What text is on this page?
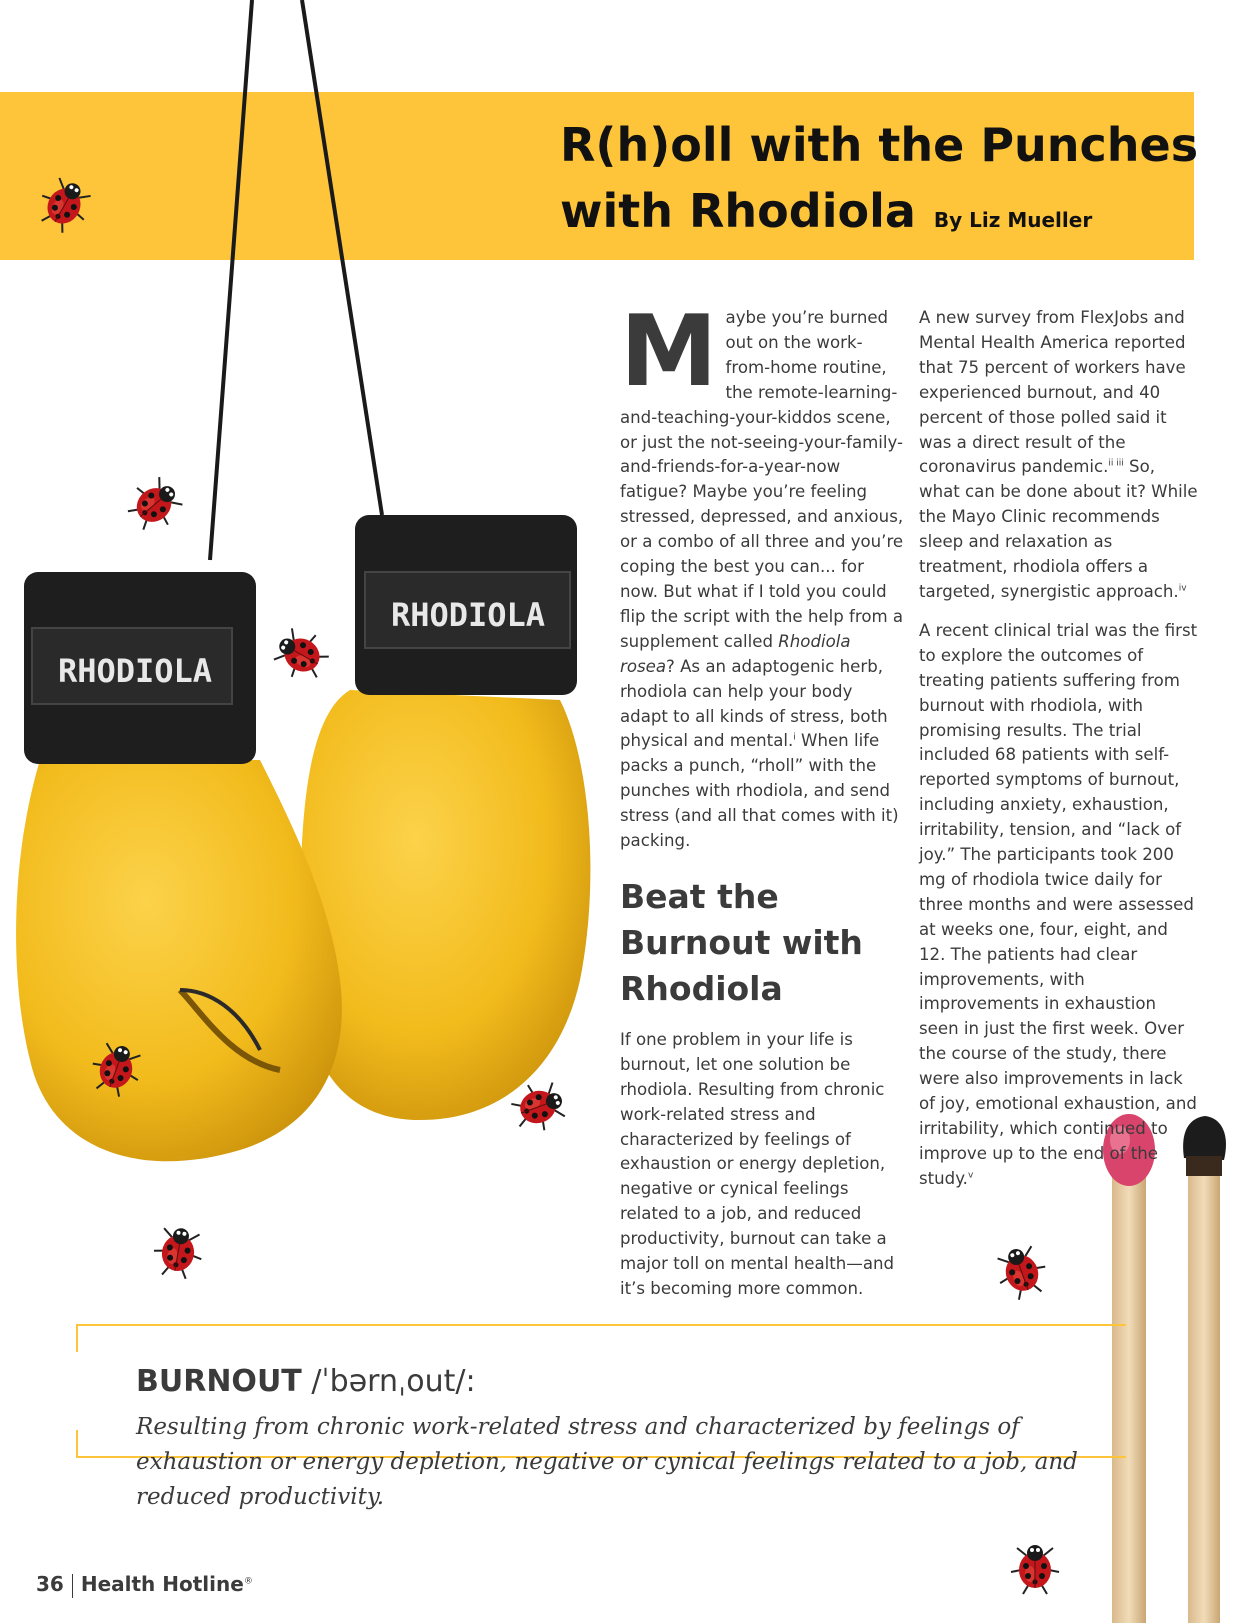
RHODIOLA
RHODIOLA
R(h)oll with the Punches
with Rhodiola By Liz Mueller

Maybe you’re burned out on the work-from-home routine, the remote-learning-and-teaching-your-kiddos scene, or just the not-seeing-your-family-and-friends-for-a-year-now fatigue? Maybe you’re feeling stressed, depressed, and anxious, or a combo of all three and you’re coping the best you can... for now. But what if I told you could flip the script with the help from a supplement called Rhodiola rosea? As an adaptogenic herb, rhodiola can help your body adapt to all kinds of stress, both physical and mental.$^i$ When life packs a punch, “rholl” with the punches with rhodiola, and send stress (and all that comes with it) packing.

Beat the Burnout with Rhodiola

If one problem in your life is burnout, let one solution be rhodiola. Resulting from chronic work-related stress and characterized by feelings of exhaustion or energy depletion, negative or cynical feelings related to a job, and reduced productivity, burnout can take a major toll on mental health—and it’s becoming more common.

A new survey from FlexJobs and Mental Health America reported that 75 percent of workers have experienced burnout, and 40 percent of those polled said it was a direct result of the coronavirus pandemic.$^{ii iii}$ So, what can be done about it? While the Mayo Clinic recommends sleep and relaxation as treatment, rhodiola offers a targeted, synergistic approach.$^{iv}$

A recent clinical trial was the first to explore the outcomes of treating patients suffering from burnout with rhodiola, with promising results. The trial included 68 patients with self-reported symptoms of burnout, including anxiety, exhaustion, irritability, tension, and “lack of joy.” The participants took 200 mg of rhodiola twice daily for three months and were assessed at weeks one, four, eight, and 12. The patients had clear improvements, with improvements in exhaustion seen in just the first week. Over the course of the study, there were also improvements in lack of joy, emotional exhaustion, and irritability, which continued to improve up to the end of the study.$^v$

BURNOUT /ˈbərnˌout/:
Resulting from chronic work-related stress and characterized by feelings of exhaustion or energy depletion, negative or cynical feelings related to a job, and reduced productivity.
36 Health Hotline®
